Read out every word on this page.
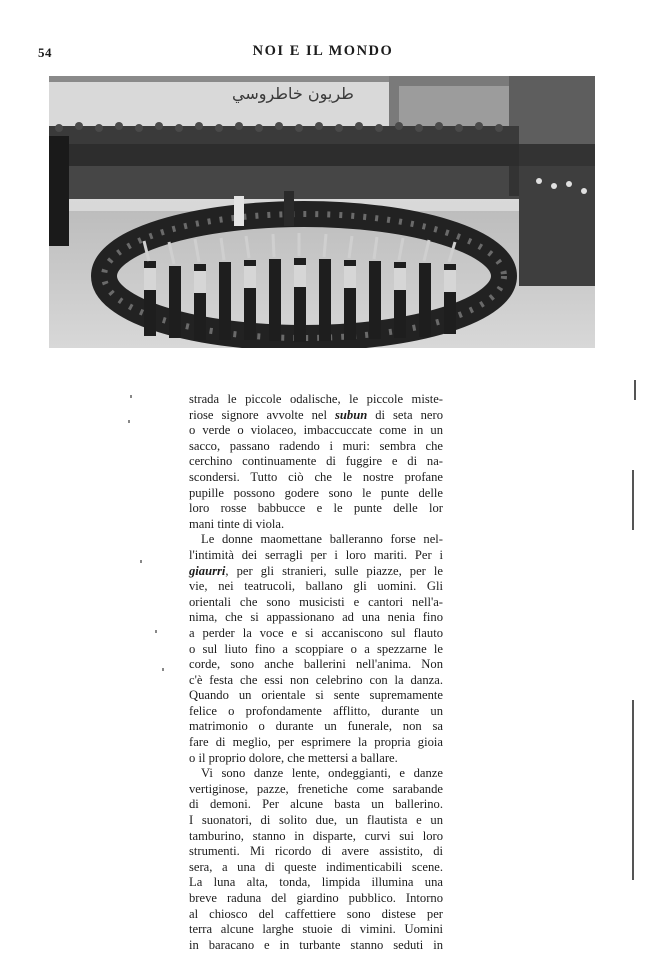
54	NOI E IL MONDO
طريون خاطروسي
strada le piccole odalische, le piccole miste-
riose signore avvolte nel subun di seta nero
o verde o violaceo, imbaccuccate come in un
sacco, passano radendo i muri: sembra che
cerchino continuamente di fuggire e di na-
scondersi. Tutto ciò che le nostre profane
pupille possono godere sono le punte delle
loro rosse babbucce e le punte delle lor
mani tinte di viola.
Le donne maomettane balleranno forse nel-
l'intimità dei serragli per i loro mariti. Per i
giaurri, per gli stranieri, sulle piazze, per le
vie, nei teatrucoli, ballano gli uomini. Gli
orientali che sono musicisti e cantori nell'a-
nima, che si appassionano ad una nenia fino
a perder la voce e si accaniscono sul flauto
o sul liuto fino a scoppiare o a spezzarne le
corde, sono anche ballerini nell'anima. Non
c'è festa che essi non celebrino con la danza.
Quando un orientale si sente supremamente
felice o profondamente afflitto, durante un
matrimonio o durante un funerale, non sa
fare di meglio, per esprimere la propria gioia
o il proprio dolore, che mettersi a ballare.
Vi sono danze lente, ondeggianti, e danze
vertiginose, pazze, frenetiche come sarabande
di demoni. Per alcune basta un ballerino.
I suonatori, di solito due, un flautista e un
tamburino, stanno in disparte, curvi sui loro
strumenti. Mi ricordo di avere assistito, di
sera, a una di queste indimenticabili scene.
La luna alta, tonda, limpida illumina una
breve raduna del giardino pubblico. Intorno
al chiosco del caffettiere sono distese per
terra alcune larghe stuoie di vimini. Uomini
in baracano e in turbante stanno seduti in
